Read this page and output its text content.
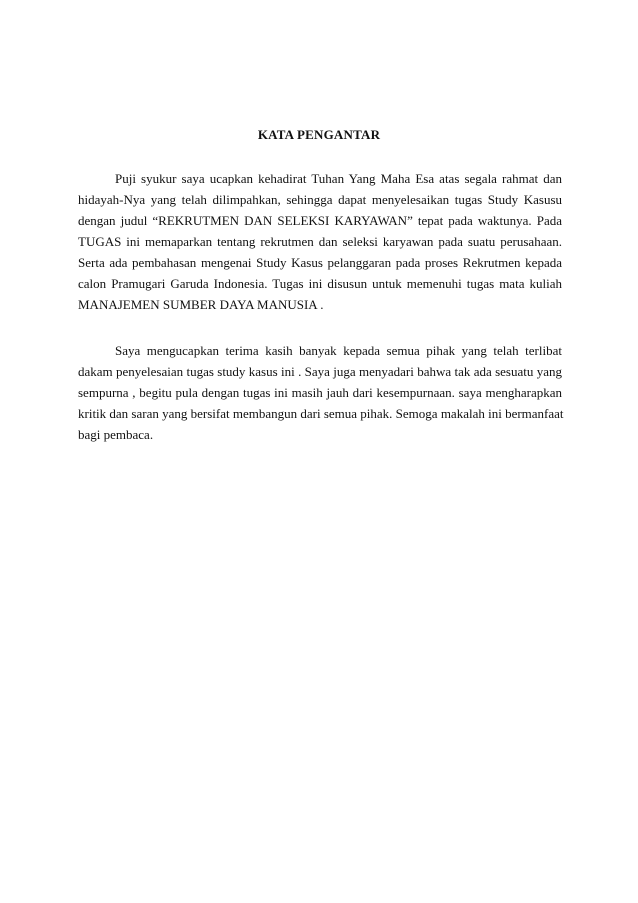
KATA PENGANTAR
Puji syukur saya ucapkan kehadirat Tuhan Yang Maha Esa atas segala rahmat dan
hidayah-Nya yang telah dilimpahkan, sehingga dapat menyelesaikan tugas Study Kasusu
dengan judul “REKRUTMEN DAN SELEKSI KARYAWAN” tepat pada waktunya. Pada
TUGAS ini memaparkan tentang rekrutmen dan seleksi karyawan pada suatu perusahaan.
Serta ada pembahasan mengenai Study Kasus pelanggaran pada proses Rekrutmen kepada
calon Pramugari Garuda Indonesia. Tugas ini disusun untuk memenuhi tugas mata kuliah
MANAJEMEN SUMBER DAYA MANUSIA .
Saya mengucapkan terima kasih banyak kepada semua pihak yang telah terlibat
dakam penyelesaian tugas study kasus ini . Saya juga menyadari bahwa tak ada sesuatu yang
sempurna , begitu pula dengan tugas ini masih jauh dari kesempurnaan. saya mengharapkan
kritik dan saran yang bersifat membangun dari semua pihak. Semoga makalah ini bermanfaat
bagi pembaca.
